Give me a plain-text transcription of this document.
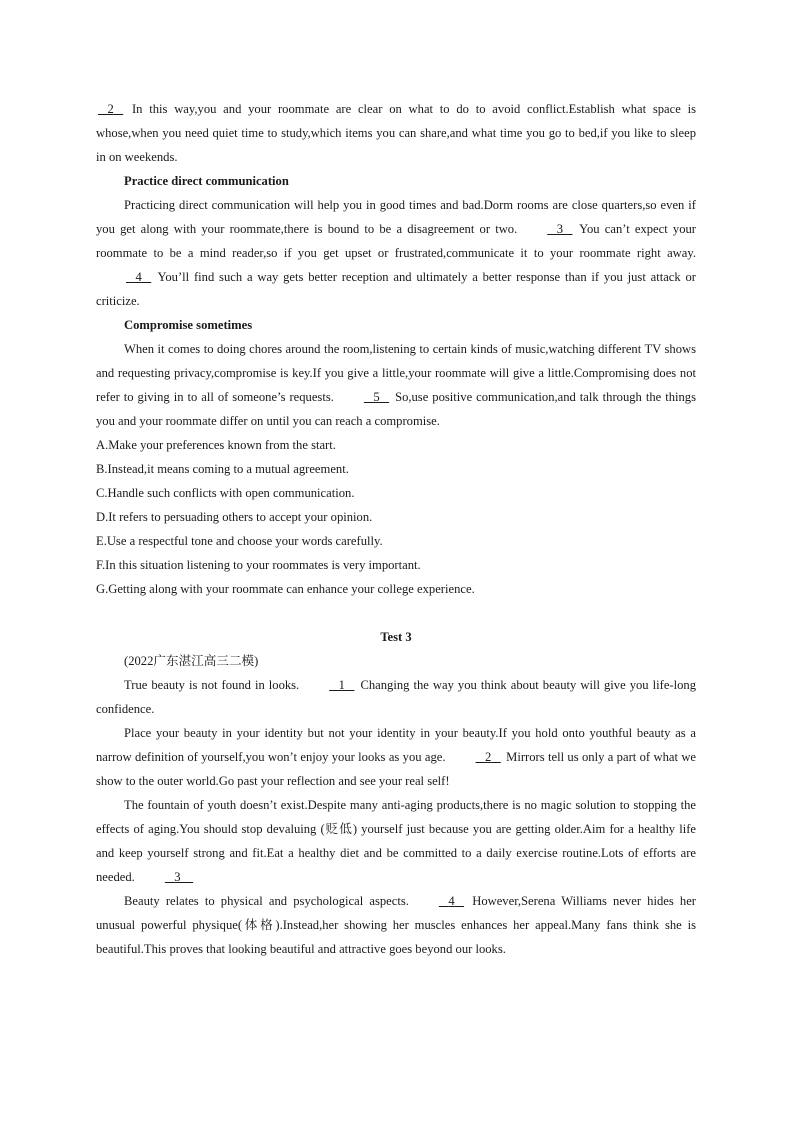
2 In this way,you and your roommate are clear on what to do to avoid conflict.Establish what space is whose,when you need quiet time to study,which items you can share,and what time you go to bed,if you like to sleep in on weekends.

Practice direct communication

Practicing direct communication will help you in good times and bad.Dorm rooms are close quarters,so even if you get along with your roommate,there is bound to be a disagreement or two.	3 You can’t expect your roommate to be a mind reader,so if you get upset or frustrated,communicate it to your roommate right away.   4 You’ll find such a way gets better reception and ultimately a better response than if you just attack or criticize.

Compromise sometimes

When it comes to doing chores around the room,listening to certain kinds of music,watching different TV shows and requesting privacy,compromise is key.If you give a little,your roommate will give a little.Compromising does not refer to giving in to all of someone’s requests.	5 So,use positive communication,and talk through the things you and your roommate differ on until you can reach a compromise.

A.Make your preferences known from the start.

B.Instead,it means coming to a mutual agreement.

C.Handle such conflicts with open communication.

D.It refers to persuading others to accept your opinion.

E.Use a respectful tone and choose your words carefully.

F.In this situation listening to your roommates is very important.

G.Getting along with your roommate can enhance your college experience.

Test 3

(2022广东湛江高三二模)

True beauty is not found in looks.	1 Changing the way you think about beauty will give you life-long confidence.

Place your beauty in your identity but not your identity in your beauty.If you hold onto youthful beauty as a narrow definition of yourself,you won’t enjoy your looks as you age.	2 Mirrors tell us only a part of what we show to the outer world.Go past your reflection and see your real self!

The fountain of youth doesn’t exist.Despite many anti-aging products,there is no magic solution to stopping the effects of aging.You should stop devaluing (贬低) yourself just because you are getting older.Aim for a healthy life and keep yourself strong and fit.Eat a healthy diet and be committed to a daily exercise routine.Lots of efforts are needed.	3

Beauty relates to physical and psychological aspects.	4 However,Serena Williams never hides her unusual powerful physique(体格).Instead,her showing her muscles enhances her appeal.Many fans think she is beautiful.This proves that looking beautiful and attractive goes beyond our looks.
